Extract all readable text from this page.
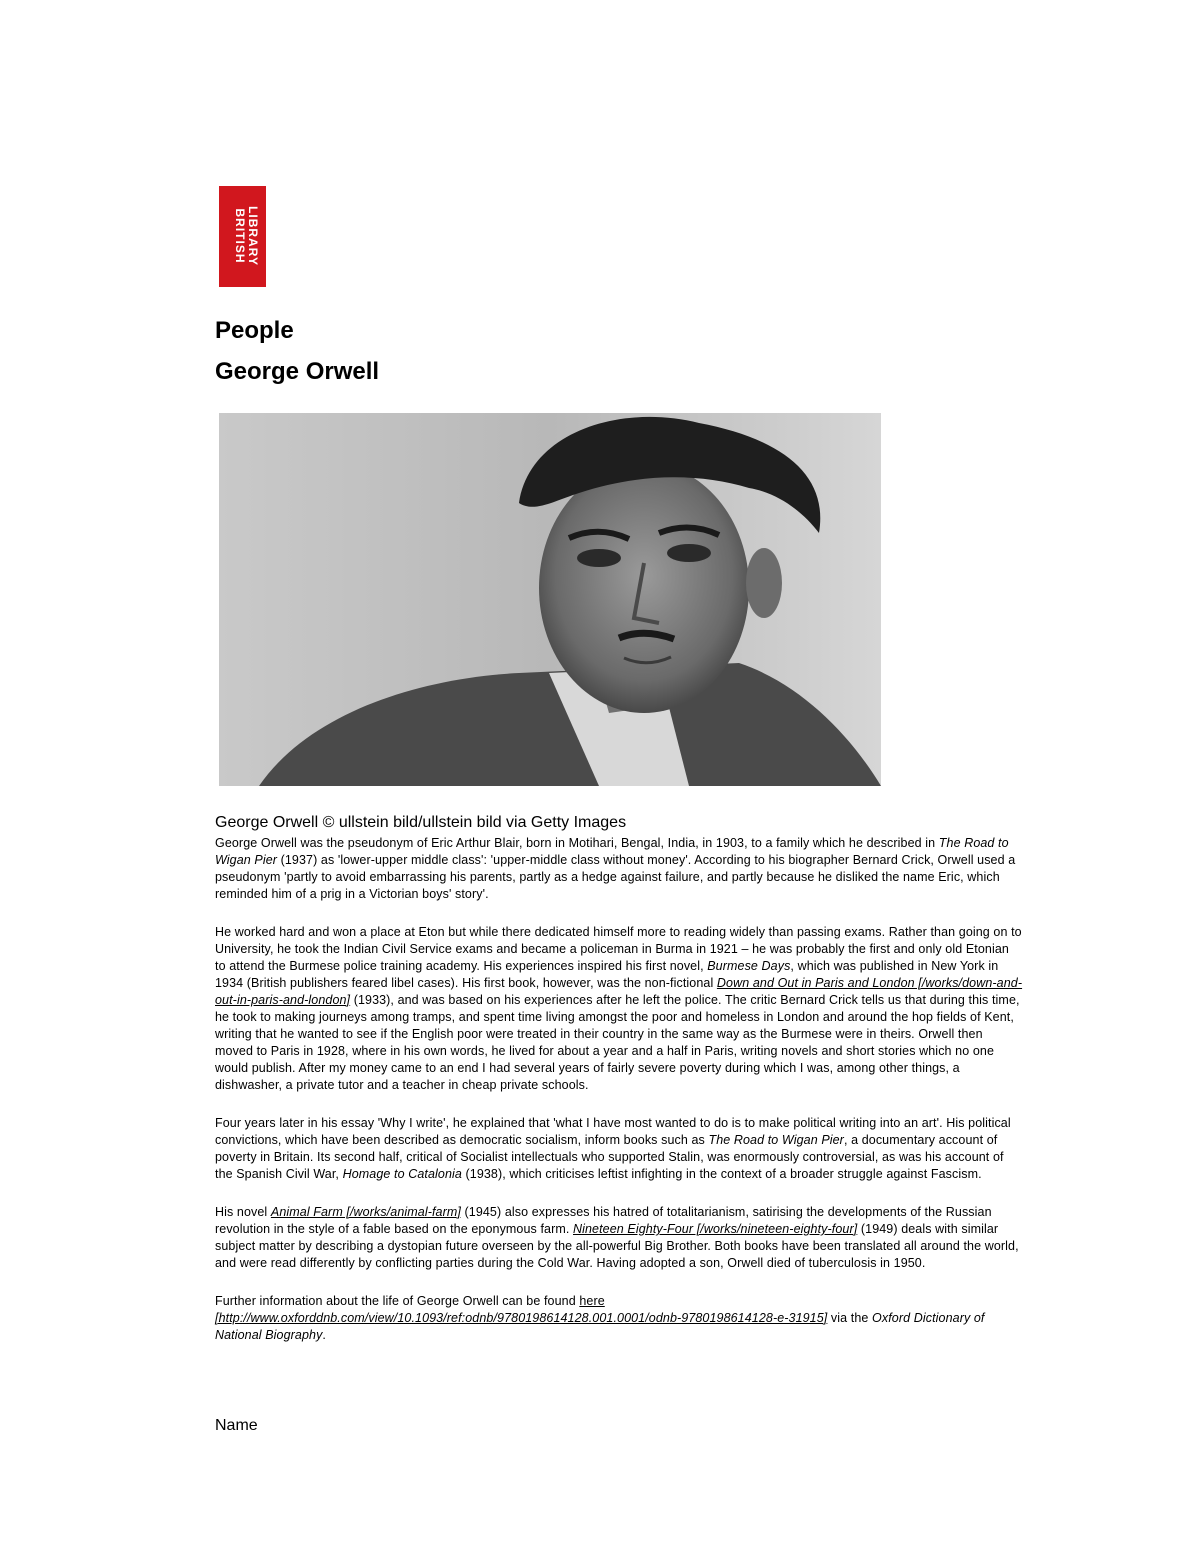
LIBRARY
BRITISH
People
George Orwell
George Orwell © ullstein bild/ullstein bild via Getty Images

George Orwell was the pseudonym of Eric Arthur Blair, born in Motihari, Bengal, India, in 1903, to a family which he described in The Road to Wigan Pier (1937) as 'lower-upper middle class': 'upper-middle class without money'. According to his biographer Bernard Crick, Orwell used a pseudonym 'partly to avoid embarrassing his parents, partly as a hedge against failure, and partly because he disliked the name Eric, which reminded him of a prig in a Victorian boys' story'.

He worked hard and won a place at Eton but while there dedicated himself more to reading widely than passing exams. Rather than going on to University, he took the Indian Civil Service exams and became a policeman in Burma in 1921 – he was probably the first and only old Etonian to attend the Burmese police training academy. His experiences inspired his first novel, Burmese Days, which was published in New York in 1934 (British publishers feared libel cases). His first book, however, was the non-fictional Down and Out in Paris and London [/works/down-and-out-in-paris-and-london] (1933), and was based on his experiences after he left the police. The critic Bernard Crick tells us that during this time, he took to making journeys among tramps, and spent time living amongst the poor and homeless in London and around the hop fields of Kent, writing that he wanted to see if the English poor were treated in their country in the same way as the Burmese were in theirs. Orwell then moved to Paris in 1928, where in his own words, he lived for about a year and a half in Paris, writing novels and short stories which no one would publish. After my money came to an end I had several years of fairly severe poverty during which I was, among other things, a dishwasher, a private tutor and a teacher in cheap private schools.

Four years later in his essay 'Why I write', he explained that 'what I have most wanted to do is to make political writing into an art'. His political convictions, which have been described as democratic socialism, inform books such as The Road to Wigan Pier, a documentary account of poverty in Britain. Its second half, critical of Socialist intellectuals who supported Stalin, was enormously controversial, as was his account of the Spanish Civil War, Homage to Catalonia (1938), which criticises leftist infighting in the context of a broader struggle against Fascism.

His novel Animal Farm [/works/animal-farm] (1945) also expresses his hatred of totalitarianism, satirising the developments of the Russian revolution in the style of a fable based on the eponymous farm. Nineteen Eighty-Four [/works/nineteen-eighty-four] (1949) deals with similar subject matter by describing a dystopian future overseen by the all-powerful Big Brother. Both books have been translated all around the world, and were read differently by conflicting parties during the Cold War. Having adopted a son, Orwell died of tuberculosis in 1950.

Further information about the life of George Orwell can be found here
[http://www.oxforddnb.com/view/10.1093/ref:odnb/9780198614128.001.0001/odnb-9780198614128-e-31915] via the Oxford Dictionary of National Biography.

Name
